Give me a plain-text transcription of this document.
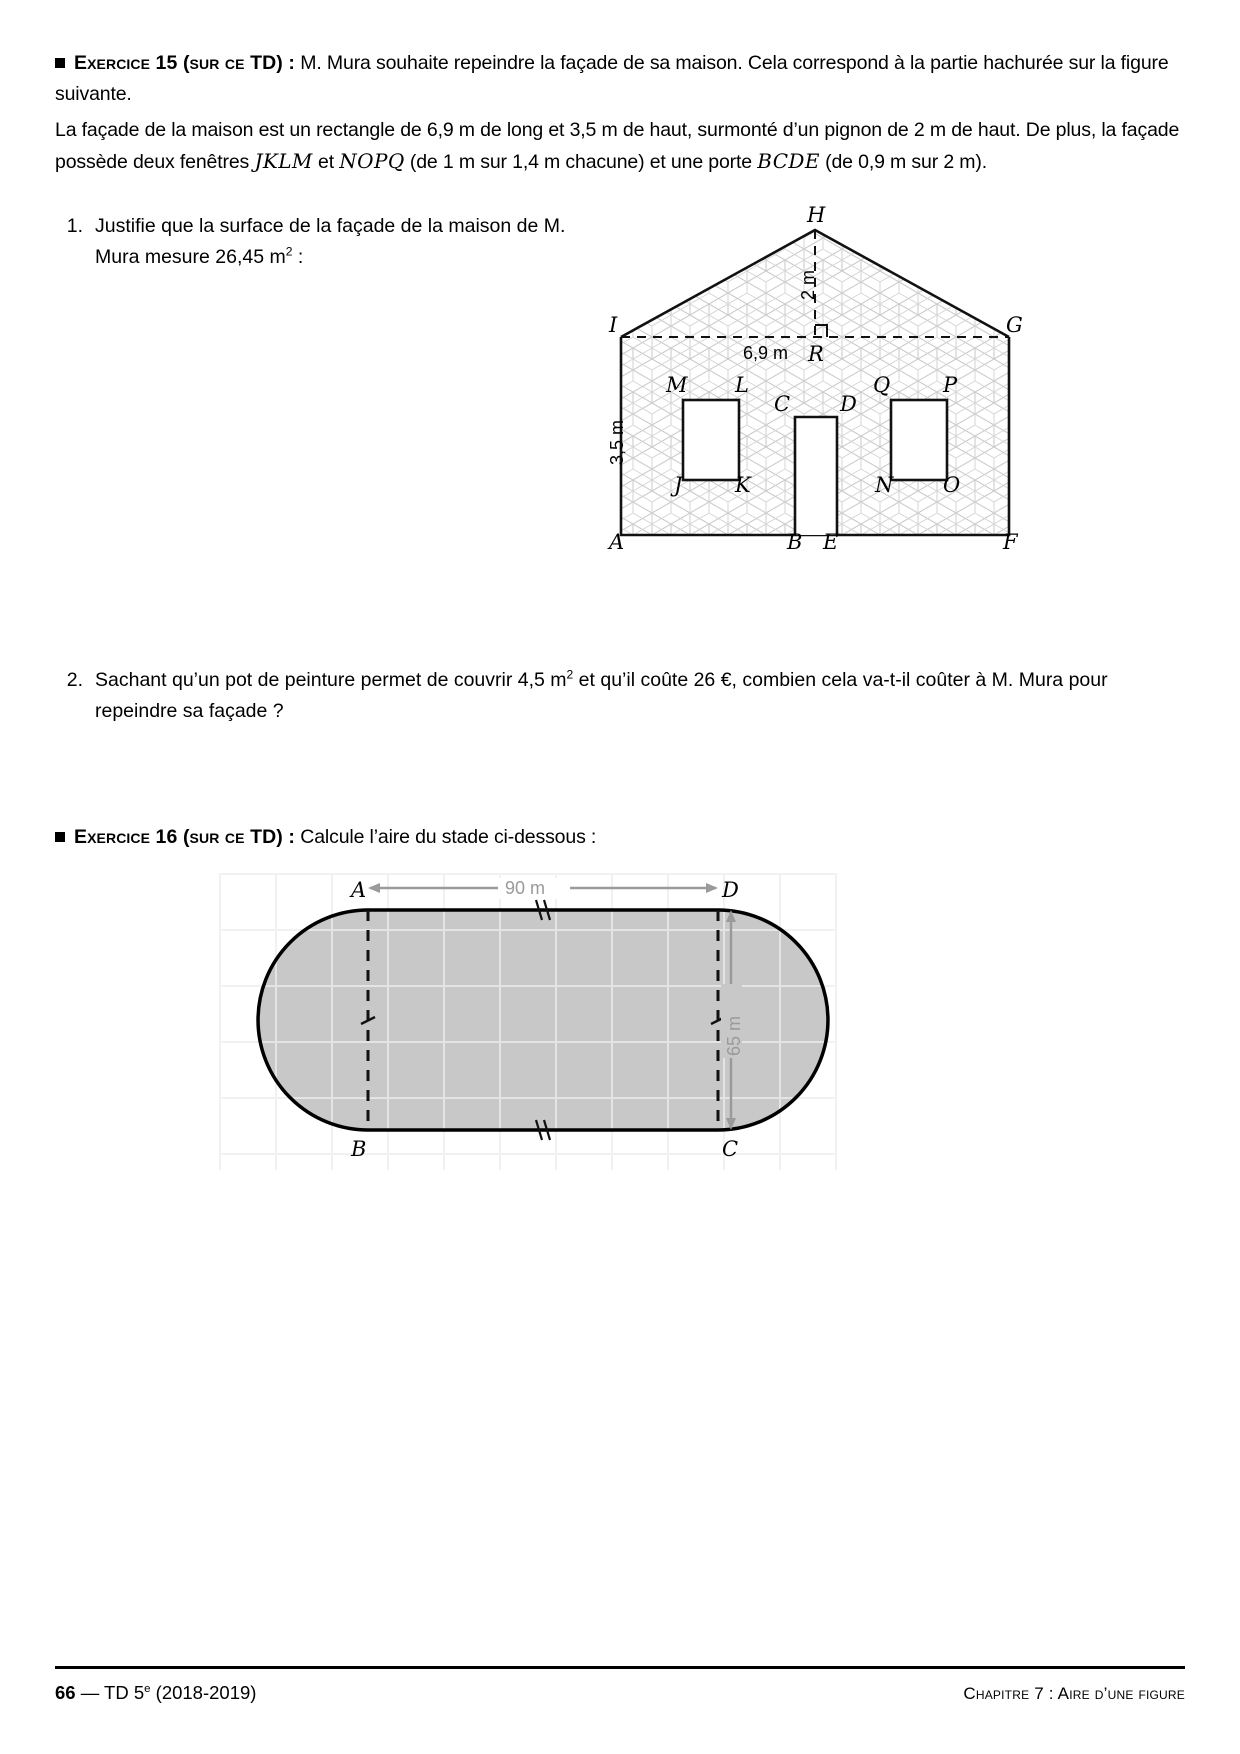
Exercice 15 (sur ce TD) : M. Mura souhaite repeindre la façade de sa maison. Cela correspond à la partie hachurée sur la figure suivante.
La façade de la maison est un rectangle de 6,9 m de long et 3,5 m de haut, surmonté d’un pignon de 2 m de haut. De plus, la façade possède deux fenêtres JKLM et NOPQ (de 1 m sur 1,4 m chacune) et une porte BCDE (de 0,9 m sur 2 m).
1. Justifie que la surface de la façade de la maison de M. Mura mesure 26,45 $m^2$ :
H
I	G
R
M L
J	K
C D
Q	P
N O
A	B E	F
2 m
6,9 m
3,5 m
2. Sachant qu’un pot de peinture permet de couvrir 4,5 $m^2$ et qu’il coûte 26 €, combien cela va-t-il coûter à M. Mura pour repeindre sa façade ?
Exercice 16 (sur ce TD) : Calcule l’aire du stade ci-dessous :
A	D
B	C
90 m
65 m
66 — TD 5e (2018-2019)	Chapitre 7 : Aire d’une figure
